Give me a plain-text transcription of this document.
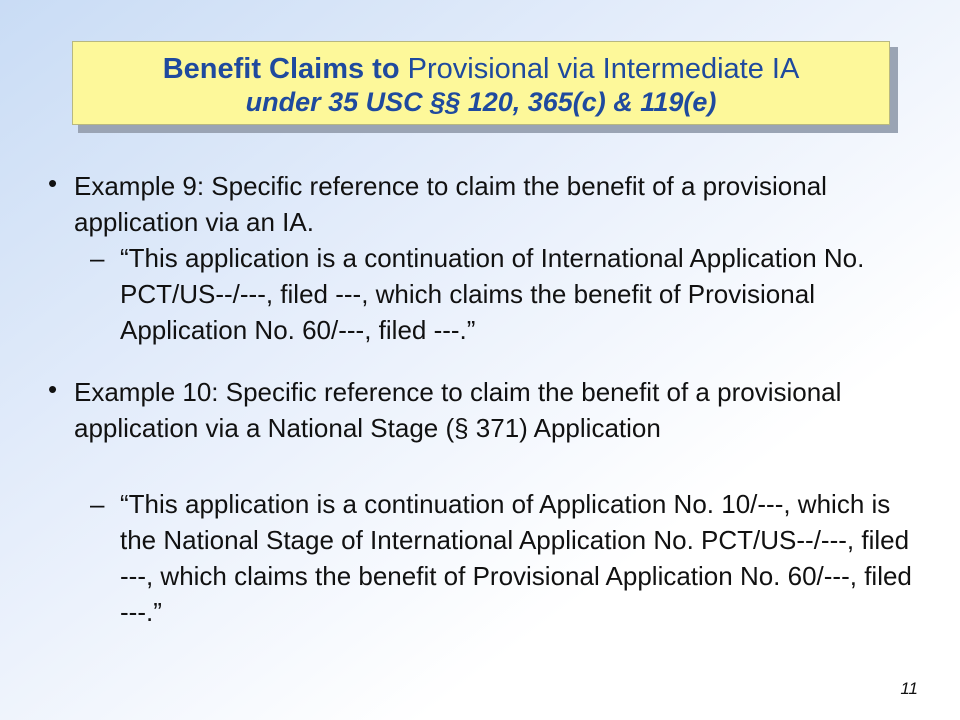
Benefit Claims to Provisional via Intermediate IA
under 35 USC §§ 120, 365(c) & 119(e)
• Example 9: Specific reference to claim the benefit of a provisional application via an IA.
– “This application is a continuation of International Application No. PCT/US--/---, filed ---, which claims the benefit of Provisional Application No. 60/---, filed ---.”
• Example 10: Specific reference to claim the benefit of a provisional application via a National Stage (§ 371) Application
– “This application is a continuation of Application No. 10/---, which is the National Stage of International Application No. PCT/US--/---, filed ---, which claims the benefit of Provisional Application No. 60/---, filed ---.”
11
